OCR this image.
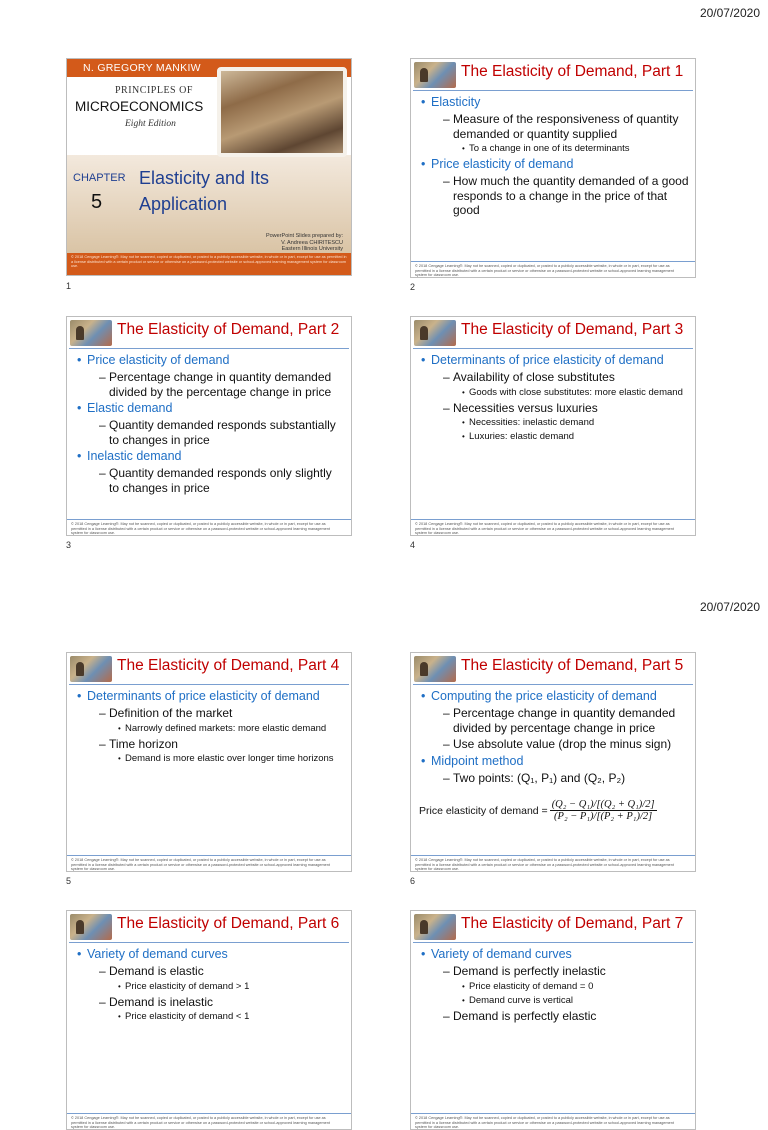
20/07/2020
20/07/2020
N. GREGORY MANKIW
PRINCIPLES OF
MICROECONOMICS
Eight Edition
CHAPTER
5
Elasticity and Its
Application
PowerPoint Slides prepared by:
V. Andreea CHIRITESCU
Eastern Illinois University
© 2018 Cengage Learning®. May not be scanned, copied or duplicated, or posted to a publicly accessible website, in whole or in part, except for use as permitted in a license distributed with a certain product or service or otherwise on a password-protected website or school-approved learning management system for classroom use.
1
The Elasticity of Demand, Part 1
• Elasticity
– Measure of the responsiveness of quantity demanded or quantity supplied
• To a change in one of its determinants
• Price elasticity of demand
– How much the quantity demanded of a good responds to a change in the price of that good
© 2018 Cengage Learning®. May not be scanned, copied or duplicated, or posted to a publicly accessible website, in whole or in part, except for use as permitted in a license distributed with a certain product or service or otherwise on a password-protected website or school-approved learning management system for classroom use.
The Elasticity of Demand, Part 2
• Price elasticity of demand
– Percentage change in quantity demanded divided by the percentage change in price
• Elastic demand
– Quantity demanded responds substantially to changes in price
• Inelastic demand
– Quantity demanded responds only slightly to changes in price
© 2018 Cengage Learning®. May not be scanned, copied or duplicated, or posted to a publicly accessible website, in whole or in part, except for use as permitted in a license distributed with a certain product or service or otherwise on a password-protected website or school-approved learning management system for classroom use.
The Elasticity of Demand, Part 3
• Determinants of price elasticity of demand
– Availability of close substitutes
• Goods with close substitutes: more elastic demand
– Necessities versus luxuries
• Necessities: inelastic demand
• Luxuries: elastic demand
© 2018 Cengage Learning®. May not be scanned, copied or duplicated, or posted to a publicly accessible website, in whole or in part, except for use as permitted in a license distributed with a certain product or service or otherwise on a password-protected website or school-approved learning management system for classroom use.
The Elasticity of Demand, Part 4
• Determinants of price elasticity of demand
– Definition of the market
• Narrowly defined markets: more elastic demand
– Time horizon
• Demand is more elastic over longer time horizons
© 2018 Cengage Learning®. May not be scanned, copied or duplicated, or posted to a publicly accessible website, in whole or in part, except for use as permitted in a license distributed with a certain product or service or otherwise on a password-protected website or school-approved learning management system for classroom use.
The Elasticity of Demand, Part 5
• Computing the price elasticity of demand
– Percentage change in quantity demanded divided by percentage change in price
– Use absolute value (drop the minus sign)
• Midpoint method
– Two points: (Q₁, P₁) and (Q₂, P₂)
Price elasticity of demand = $\frac{\text{(Q₂ − Q₁)/[(Q₂ + Q₁)/2]}}{\text{(P₂ − P₁)/[(P₂ + P₁)/2]}}$
© 2018 Cengage Learning®. May not be scanned, copied or duplicated, or posted to a publicly accessible website, in whole or in part, except for use as permitted in a license distributed with a certain product or service or otherwise on a password-protected website or school-approved learning management system for classroom use.
The Elasticity of Demand, Part 6
• Variety of demand curves
– Demand is elastic
• Price elasticity of demand > 1
– Demand is inelastic
• Price elasticity of demand < 1
© 2018 Cengage Learning®. May not be scanned, copied or duplicated, or posted to a publicly accessible website, in whole or in part, except for use as permitted in a license distributed with a certain product or service or otherwise on a password-protected website or school-approved learning management system for classroom use.
The Elasticity of Demand, Part 7
• Variety of demand curves
– Demand is perfectly inelastic
• Price elasticity of demand = 0
• Demand curve is vertical
– Demand is perfectly elastic
© 2018 Cengage Learning®. May not be scanned, copied or duplicated, or posted to a publicly accessible website, in whole or in part, except for use as permitted in a license distributed with a certain product or service or otherwise on a password-protected website or school-approved learning management system for classroom use.
2
3	4
5	6
